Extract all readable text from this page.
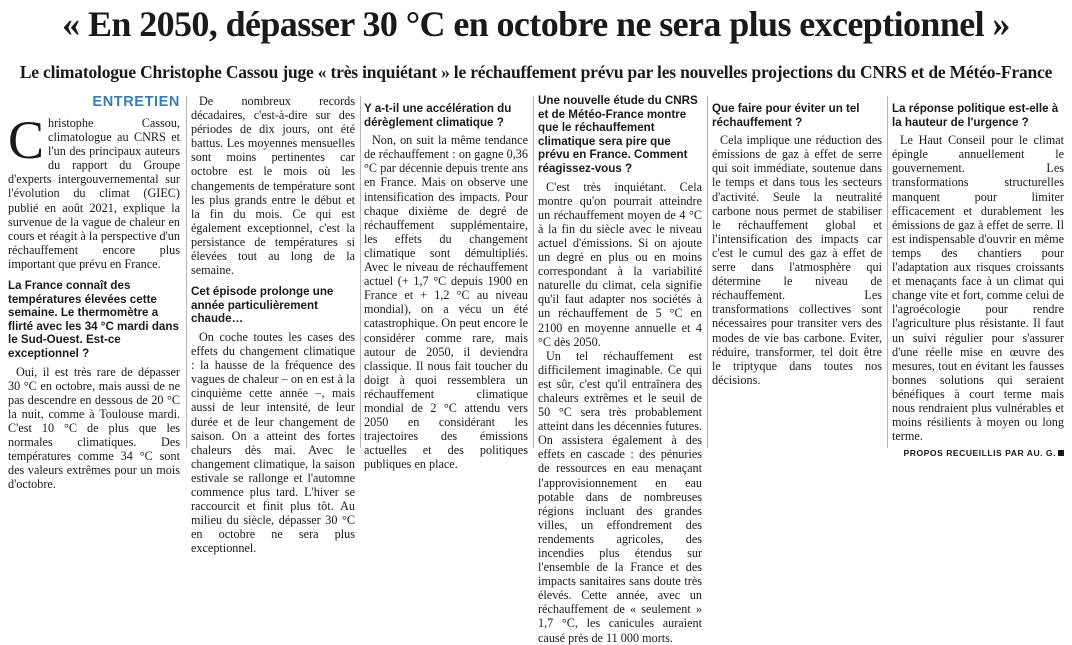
« En 2050, dépasser 30 °C en octobre ne sera plus exceptionnel »
Le climatologue Christophe Cassou juge « très inquiétant » le réchauffement prévu par les nouvelles projections du CNRS et de Météo-France

ENTRETIEN

Christophe Cassou, climatologue au CNRS et l'un des principaux auteurs du rapport du Groupe d'experts intergouvernemental sur l'évolution du climat (GIEC) publié en août 2021, explique la survenue de la vague de chaleur en cours et réagit à la perspective d'un réchauffement encore plus important que prévu en France.

La France connaît des températures élevées cette semaine. Le thermomètre a flirté avec les 34 °C mardi dans le Sud-Ouest. Est-ce exceptionnel ?

Oui, il est très rare de dépasser 30 °C en octobre, mais aussi de ne pas descendre en dessous de 20 °C la nuit, comme à Toulouse mardi. C'est 10 °C de plus que les normales climatiques. Des températures comme 34 °C sont des valeurs extrêmes pour un mois d'octobre.

De nombreux records décadaires, c'est-à-dire sur des périodes de dix jours, ont été battus. Les moyennes mensuelles sont moins pertinentes car octobre est le mois où les changements de température sont les plus grands entre le début et la fin du mois. Ce qui est également exceptionnel, c'est la persistance de températures si élevées tout au long de la semaine.

Cet épisode prolonge une année particulièrement chaude…

On coche toutes les cases des effets du changement climatique : la hausse de la fréquence des vagues de chaleur – on en est à la cinquième cette année –, mais aussi de leur intensité, de leur durée et de leur changement de saison. On a atteint des fortes chaleurs dès mai. Avec le changement climatique, la saison estivale se rallonge et l'automne commence plus tard. L'hiver se raccourcit et finit plus tôt. Au milieu du siècle, dépasser 30 °C en octobre ne sera plus exceptionnel.

Y a-t-il une accélération du dérèglement climatique ?

Non, on suit la même tendance de réchauffement : on gagne 0,36 °C par décennie depuis trente ans en France. Mais on observe une intensification des impacts. Pour chaque dixième de degré de réchauffement supplémentaire, les effets du changement climatique sont démultipliés. Avec le niveau de réchauffement actuel (+ 1,7 °C depuis 1900 en France et + 1,2 °C au niveau mondial), on a vécu un été catastrophique. On peut encore le considérer comme rare, mais autour de 2050, il deviendra classique. Il nous fait toucher du doigt à quoi ressemblera un réchauffement climatique mondial de 2 °C attendu vers 2050 en considérant les trajectoires des émissions actuelles et des politiques publiques en place.

Une nouvelle étude du CNRS et de Météo-France montre que le réchauffement climatique sera pire que prévu en France. Comment réagissez-vous ?

C'est très inquiétant. Cela montre qu'on pourrait atteindre un réchauffement moyen de 4 °C à la fin du siècle avec le niveau actuel d'émissions. Si on ajoute un degré en plus ou en moins correspondant à la variabilité naturelle du climat, cela signifie qu'il faut adapter nos sociétés à un réchauffement de 5 °C en 2100 en moyenne annuelle et 4 °C dès 2050.

Un tel réchauffement est difficilement imaginable. Ce qui est sûr, c'est qu'il entraînera des chaleurs extrêmes et le seuil de 50 °C sera très probablement atteint dans les décennies futures. On assistera également à des effets en cascade : des pénuries de ressources en eau menaçant l'approvisionnement en eau potable dans de nombreuses régions incluant des grandes villes, un effondrement des rendements agricoles, des incendies plus étendus sur l'ensemble de la France et des impacts sanitaires sans doute très élevés. Cette année, avec un réchauffement de « seulement » 1,7 °C, les canicules auraient causé près de 11 000 morts.

Que faire pour éviter un tel réchauffement ?

Cela implique une réduction des émissions de gaz à effet de serre qui soit immédiate, soutenue dans le temps et dans tous les secteurs d'activité. Seule la neutralité carbone nous permet de stabiliser le réchauffement global et l'intensification des impacts car c'est le cumul des gaz à effet de serre dans l'atmosphère qui détermine le niveau de réchauffement. Les transformations collectives sont nécessaires pour transiter vers des modes de vie bas carbone. Eviter, réduire, transformer, tel doit être le triptyque dans toutes nos décisions.

La réponse politique est-elle à la hauteur de l'urgence ?

Le Haut Conseil pour le climat épingle annuellement le gouvernement. Les transformations structurelles manquent pour limiter efficacement et durablement les émissions de gaz à effet de serre. Il est indispensable d'ouvrir en même temps des chantiers pour l'adaptation aux risques croissants et menaçants face à un climat qui change vite et fort, comme celui de l'agroécologie pour rendre l'agriculture plus résistante. Il faut un suivi régulier pour s'assurer d'une réelle mise en œuvre des mesures, tout en évitant les fausses bonnes solutions qui seraient bénéfiques à court terme mais nous rendraient plus vulnérables et moins résilients à moyen ou long terme.

PROPOS RECUEILLIS PAR AU. G.
